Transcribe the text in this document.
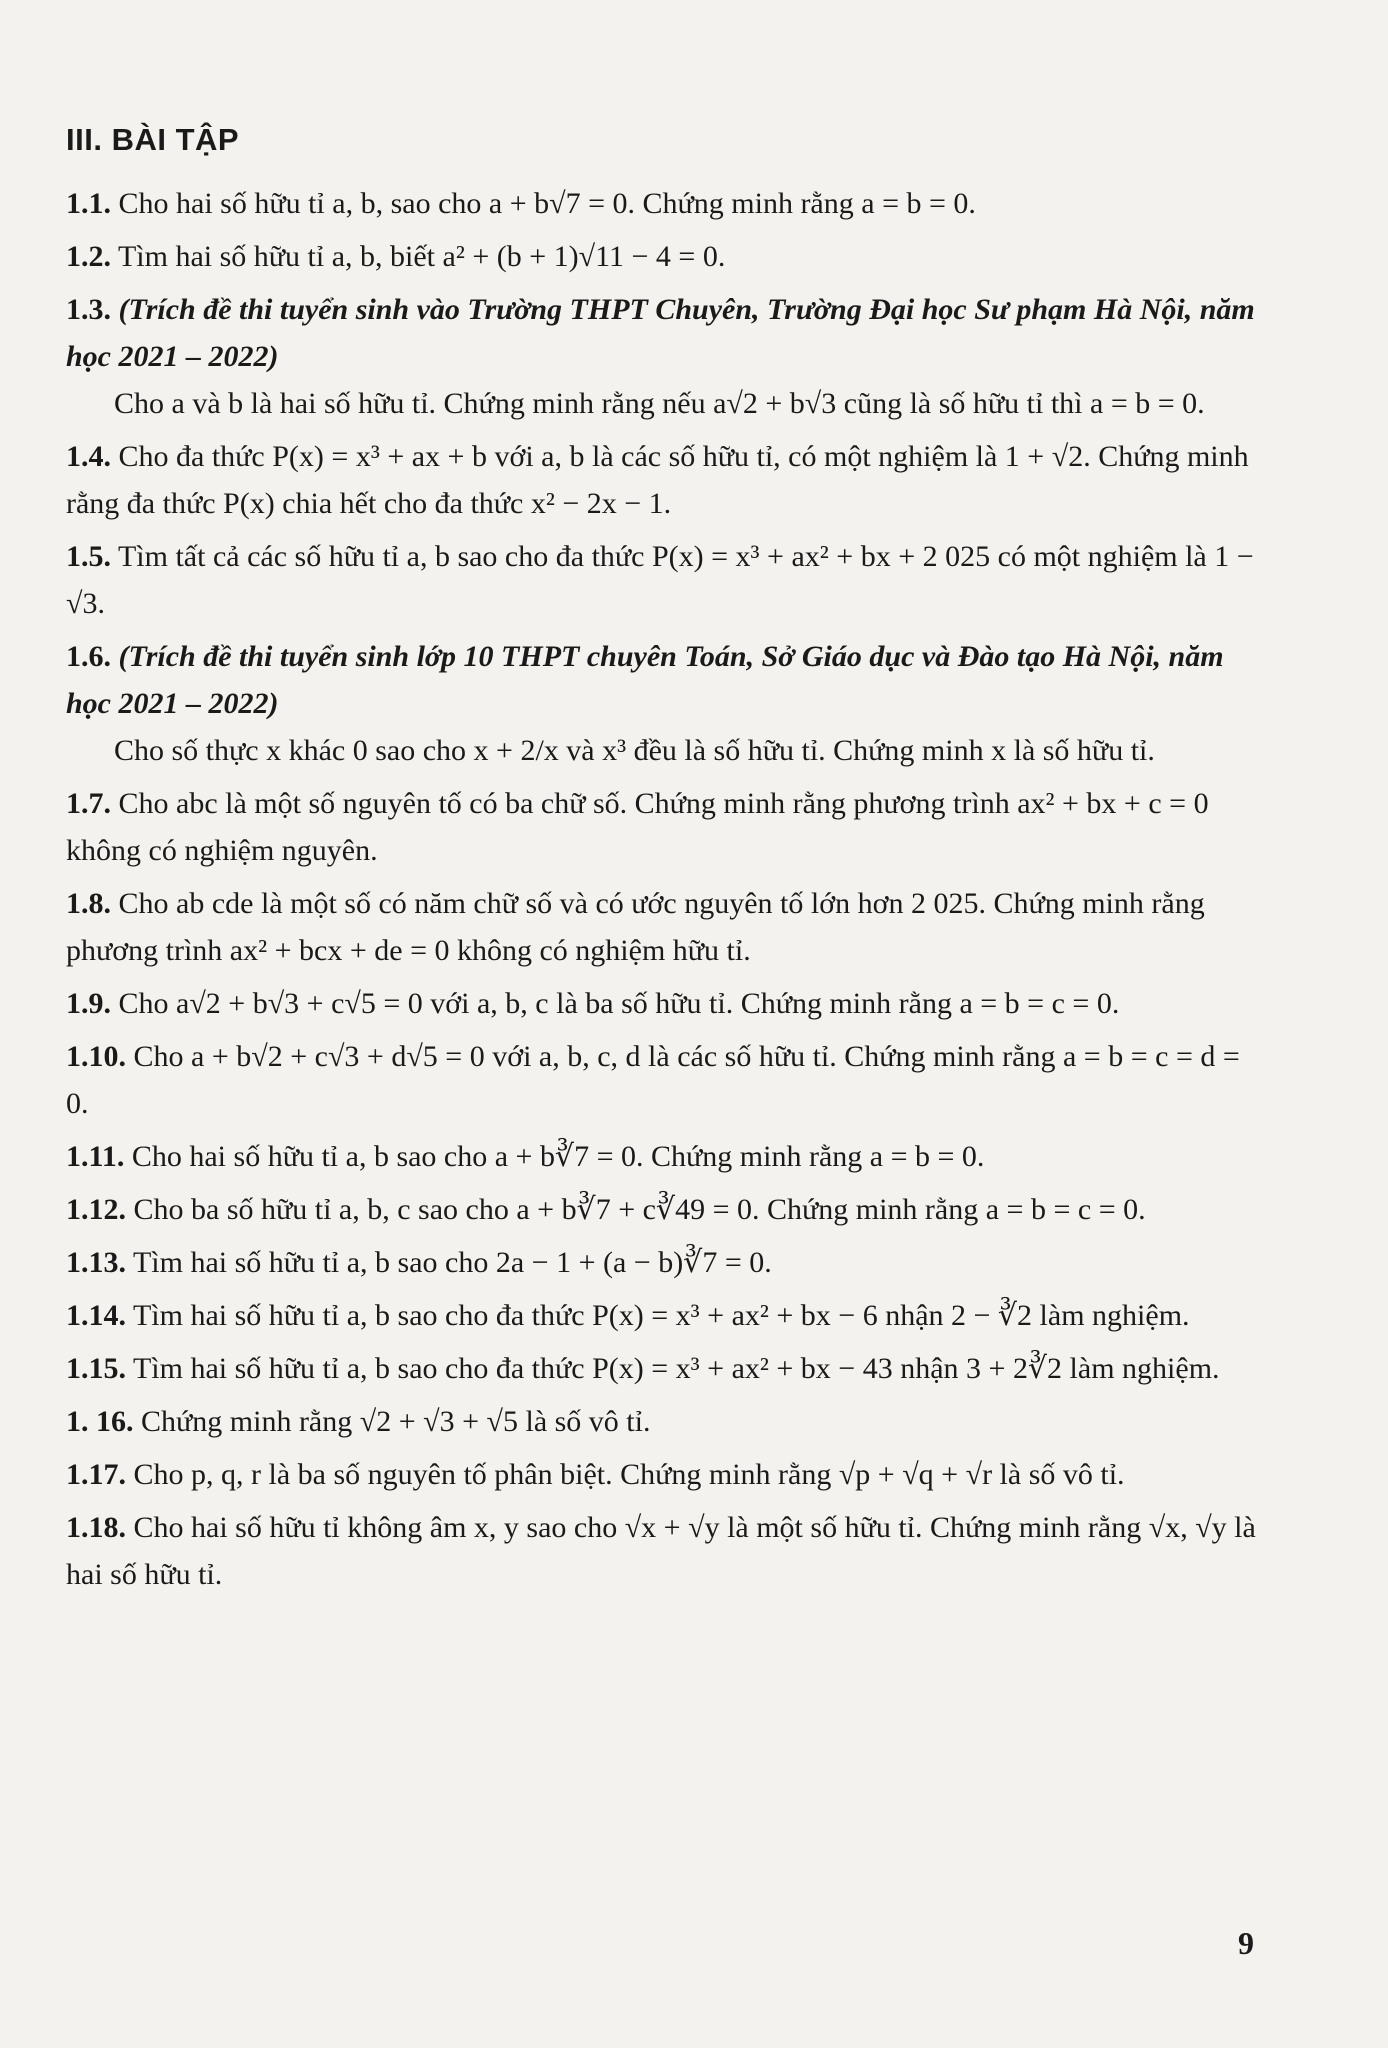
III. BÀI TẬP
1.1. Cho hai số hữu tỉ a, b, sao cho a + b√7 = 0. Chứng minh rằng a = b = 0.
1.2. Tìm hai số hữu tỉ a, b, biết a² + (b + 1)√11 − 4 = 0.
1.3. (Trích đề thi tuyển sinh vào Trường THPT Chuyên, Trường Đại học Sư phạm Hà Nội, năm học 2021 – 2022)
Cho a và b là hai số hữu tỉ. Chứng minh rằng nếu a√2 + b√3 cũng là số hữu tỉ thì a = b = 0.
1.4. Cho đa thức P(x) = x³ + ax + b với a, b là các số hữu tỉ, có một nghiệm là 1 + √2. Chứng minh rằng đa thức P(x) chia hết cho đa thức x² − 2x − 1.
1.5. Tìm tất cả các số hữu tỉ a, b sao cho đa thức P(x) = x³ + ax² + bx + 2 025 có một nghiệm là 1 − √3.
1.6. (Trích đề thi tuyển sinh lớp 10 THPT chuyên Toán, Sở Giáo dục và Đào tạo Hà Nội, năm học 2021 – 2022)
Cho số thực x khác 0 sao cho x + 2/x và x³ đều là số hữu tỉ. Chứng minh x là số hữu tỉ.
1.7. Cho abc là một số nguyên tố có ba chữ số. Chứng minh rằng phương trình ax² + bx + c = 0 không có nghiệm nguyên.
1.8. Cho ab cde là một số có năm chữ số và có ước nguyên tố lớn hơn 2 025. Chứng minh rằng phương trình ax² + bcx + de = 0 không có nghiệm hữu tỉ.
1.9. Cho a√2 + b√3 + c√5 = 0 với a, b, c là ba số hữu tỉ. Chứng minh rằng a = b = c = 0.
1.10. Cho a + b√2 + c√3 + d√5 = 0 với a, b, c, d là các số hữu tỉ. Chứng minh rằng a = b = c = d = 0.
1.11. Cho hai số hữu tỉ a, b sao cho a + b∛7 = 0. Chứng minh rằng a = b = 0.
1.12. Cho ba số hữu tỉ a, b, c sao cho a + b∛7 + c∛49 = 0. Chứng minh rằng a = b = c = 0.
1.13. Tìm hai số hữu tỉ a, b sao cho 2a − 1 + (a − b)∛7 = 0.
1.14. Tìm hai số hữu tỉ a, b sao cho đa thức P(x) = x³ + ax² + bx − 6 nhận 2 − ∛2 làm nghiệm.
1.15. Tìm hai số hữu tỉ a, b sao cho đa thức P(x) = x³ + ax² + bx − 43 nhận 3 + 2∛2 làm nghiệm.
1. 16. Chứng minh rằng √2 + √3 + √5 là số vô tỉ.
1.17. Cho p, q, r là ba số nguyên tố phân biệt. Chứng minh rằng √p + √q + √r là số vô tỉ.
1.18. Cho hai số hữu tỉ không âm x, y sao cho √x + √y là một số hữu tỉ. Chứng minh rằng √x, √y là hai số hữu tỉ.
9
